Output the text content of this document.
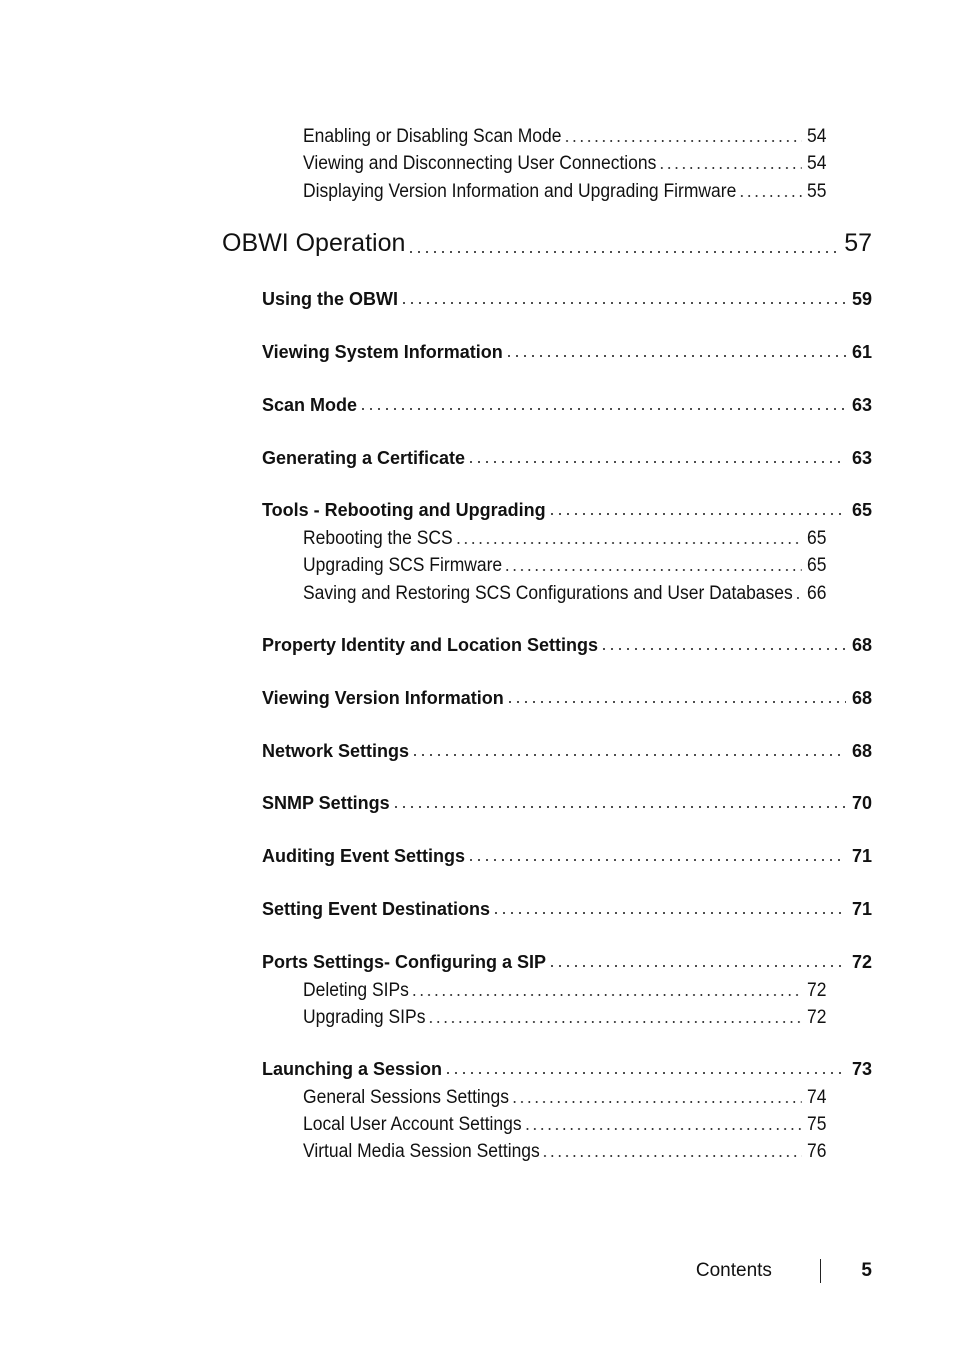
Enabling or Disabling Scan Mode	54
Viewing and Disconnecting User Connections	54
Displaying Version Information and Upgrading Firmware	55
OBWI Operation	57
Using the OBWI	59
Viewing System Information	61
Scan Mode	63
Generating a Certificate	63
Tools - Rebooting and Upgrading	65
Rebooting the SCS	65
Upgrading SCS Firmware	65
Saving and Restoring SCS Configurations and User Databases 66
Property Identity and Location Settings	68
Viewing Version Information	68
Network Settings	68
SNMP Settings	70
Auditing Event Settings	71
Setting Event Destinations	71
Ports Settings- Configuring a SIP	72
Deleting SIPs	72
Upgrading SIPs	72
Launching a Session	73
General Sessions Settings	74
Local User Account Settings	75
Virtual Media Session Settings	76
Contents	5
